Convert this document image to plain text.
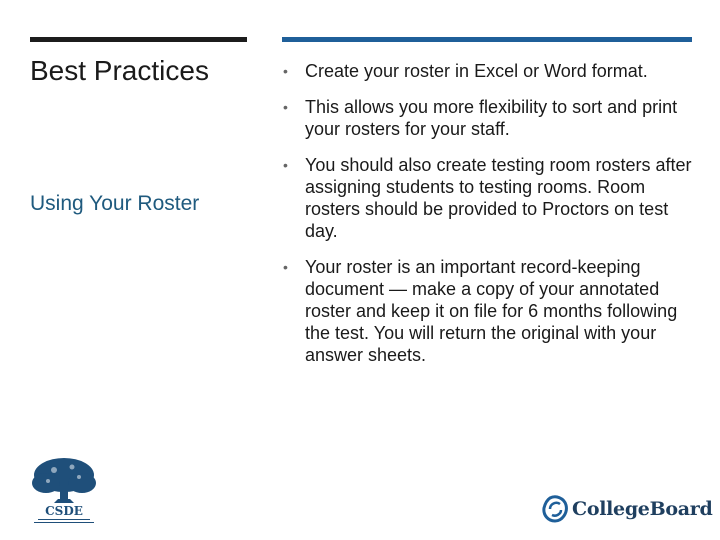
Best Practices
Using Your Roster
• Create your roster in Excel or Word format.
• This allows you more flexibility to sort and print your rosters for your staff.
• You should also create testing room rosters after assigning students to testing rooms. Room rosters should be provided to Proctors on test day.
• Your roster is an important record-keeping document — make a copy of your annotated roster and keep it on file for 6 months following the test. You will return the original with your answer sheets.
CSDE	CollegeBoard
